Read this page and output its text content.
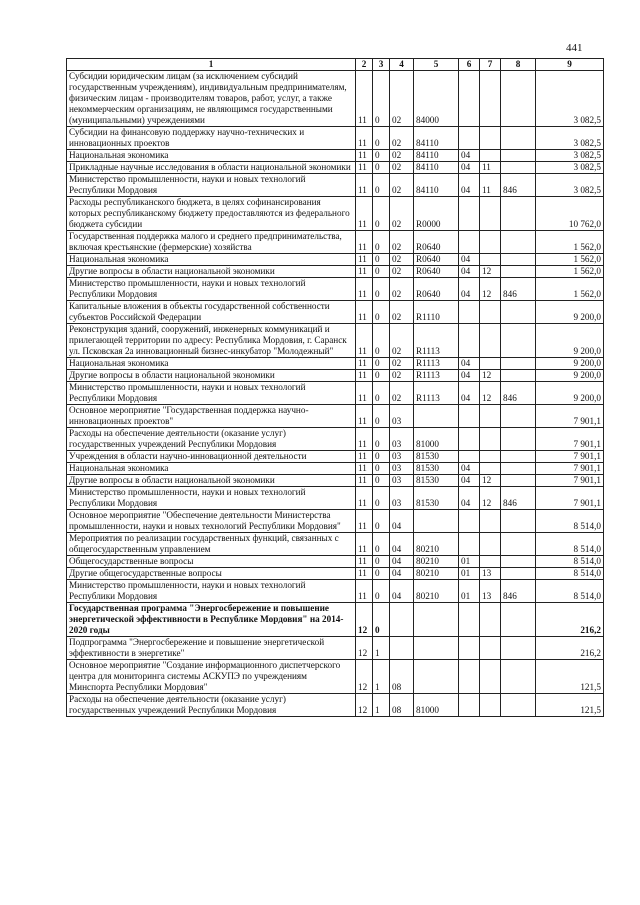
441
1	2	3	4	5	6	7	8	9
Субсидии юридическим лицам (за исключением субсидий государственным учреждениям), индивидуальным предпринимателям, физическим лицам - производителям товаров, работ, услуг, а также некоммерческим организациям, не являющимся государственными (муниципальными) учреждениями	11	0	02	84000				3 082,5
Субсидии на финансовую поддержку научно-технических и инновационных проектов	11	0	02	84110				3 082,5
Национальная экономика	11	0	02	84110	04			3 082,5
Прикладные научные исследования в области национальной экономики	11	0	02	84110	04	11		3 082,5
Министерство промышленности, науки и новых технологий Республики Мордовия	11	0	02	84110	04	11	846	3 082,5
Расходы республиканского бюджета, в целях софинансирования которых республиканскому бюджету предоставляются из федерального бюджета субсидии	11	0	02	R0000				10 762,0
Государственная поддержка малого и среднего предпринимательства, включая крестьянские (фермерские) хозяйства	11	0	02	R0640				1 562,0
Национальная экономика	11	0	02	R0640	04			1 562,0
Другие вопросы в области национальной экономики	11	0	02	R0640	04	12		1 562,0
Министерство промышленности, науки и новых технологий Республики Мордовия	11	0	02	R0640	04	12	846	1 562,0
Капитальные вложения в объекты государственной собственности субъектов Российской Федерации	11	0	02	R1110				9 200,0
Реконструкция зданий, сооружений, инженерных коммуникаций и прилегающей территории по адресу: Республика Мордовия, г. Саранск ул. Псковская 2а инновационный бизнес-инкубатор "Молодежный"	11	0	02	R1113				9 200,0
Национальная экономика	11	0	02	R1113	04			9 200,0
Другие вопросы в области национальной экономики	11	0	02	R1113	04	12		9 200,0
Министерство промышленности, науки и новых технологий Республики Мордовия	11	0	02	R1113	04	12	846	9 200,0
Основное мероприятие "Государственная поддержка научно-инновационных проектов"	11	0	03					7 901,1
Расходы на обеспечение деятельности (оказание услуг) государственных учреждений Республики Мордовия	11	0	03	81000				7 901,1
Учреждения в области научно-инновационной деятельности	11	0	03	81530				7 901,1
Национальная экономика	11	0	03	81530	04			7 901,1
Другие вопросы в области национальной экономики	11	0	03	81530	04	12		7 901,1
Министерство промышленности, науки и новых технологий Республики Мордовия	11	0	03	81530	04	12	846	7 901,1
Основное мероприятие "Обеспечение деятельности Министерства промышленности, науки и новых технологий Республики Мордовия"	11	0	04					8 514,0
Мероприятия по реализации государственных функций, связанных с общегосударственным управлением	11	0	04	80210				8 514,0
Общегосударственные вопросы	11	0	04	80210	01			8 514,0
Другие общегосударственные вопросы	11	0	04	80210	01	13		8 514,0
Министерство промышленности, науки и новых технологий Республики Мордовия	11	0	04	80210	01	13	846	8 514,0
Государственная программа "Энергосбережение и повышение энергетической эффективности в Республике Мордовия" на 2014-2020 годы	12	0						216,2
Подпрограмма "Энергосбережение и повышение энергетической эффективности в энергетике"	12	1						216,2
Основное мероприятие "Создание информационного диспетчерского центра для мониторинга системы АСКУПЭ по учреждениям Минспорта Республики Мордовия"	12	1	08					121,5
Расходы на обеспечение деятельности (оказание услуг) государственных учреждений Республики Мордовия	12	1	08	81000				121,5
